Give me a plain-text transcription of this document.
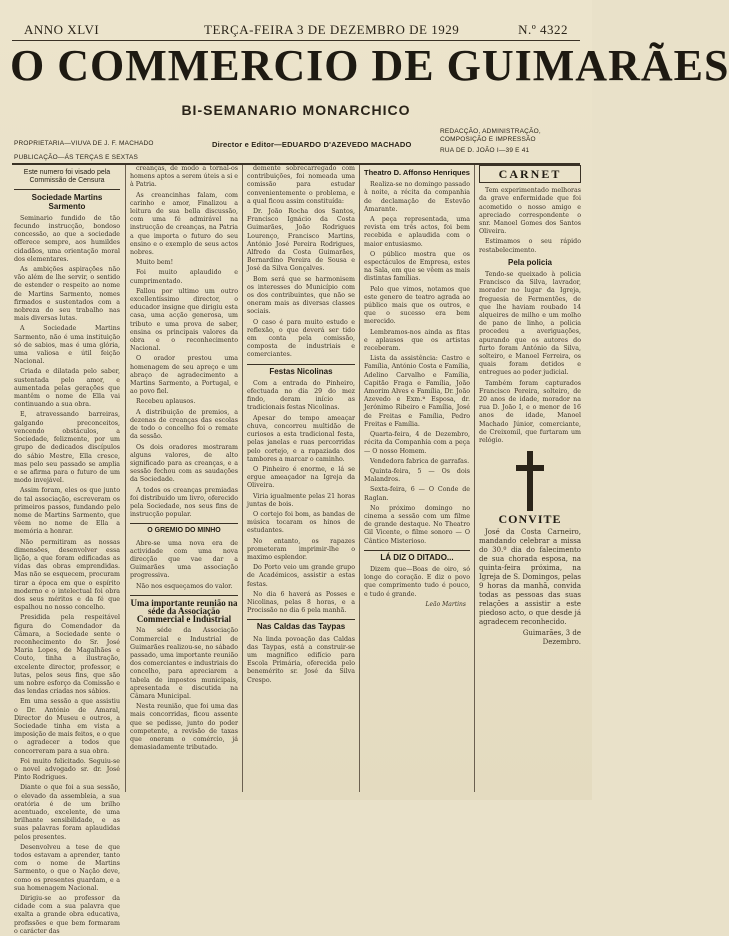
ANNO XLVI	TERÇA-FEIRA 3 DE DEZEMBRO DE 1929	N.º 4322
O COMMERCIO DE GUIMARÃES
BI-SEMANARIO MONARCHICO
PROPRIETARIA—VIUVA DE J. F. MACHADO
PUBLICAÇÃO—ÁS TERÇAS E SEXTAS
Director e Editor—EDUARDO D'AZEVEDO MACHADO
REDACÇÃO, ADMINISTRAÇÃO, COMPOSIÇÃO E IMPRESSÃO
RUA DE D. JOÃO I—39 E 41
Este numero foi visado pela Commissão de Censura
Sociedade Martins Sarmento

Seminario fundido de tão fecundo instrucção, bondoso concessão, ao que a sociedade offerece sempre, aos humildes cidadãos, uma orientação moral dos elementares.

As ambições aspirações não vão além de lhe servir, o sentido de estender o respeito ao nome de Martins Sarmento, nomes firmados e sustentados com a nobreza do seu trabalho nas mais diversas lutas.

A Sociedade Martins Sarmento, não é uma instituição só de sabios, mas é uma glória, uma valiosa e útil feição Nacional.

Criada e dilatada pelo saber, sustentada pelo amor, e aumentada pelas gerações que mantêm o nome de Ella vai continuando a sua obra.

E, atravessando barreiras, galgando preconceitos, vencendo obstáculos, a Sociedade, felizmente, por um grupo de dedicados discípulos do sábio Mestre, Ella cresce, mas pelo seu passado se amplia e se afirma para o futuro de um modo invejável.

Assim foram, eles os que junto de tal associação, escreveram os primeiros passos, fundando pelo nome de Martins Sarmento, que vêem no nome de Ella a memória a honrar.

Não permitiram as nossas dimensões, desenvolver essa lição, a que foram edificadas as vidas das obras emprendidas. Mas não se esquecem, procuram tirar a época em que o espírito moderno e o intelectual foi obra dos seus méritos e da fé que espalhou no nosso concelho.

Presidida pela respeitável figura do Comendador da Câmara, a Sociedade sente o reconhecimento do Sr. José Maria Lopes, de Magalhães e Couto, tinha a ilustração, excelente director, professor, e lutas, pelos seus fins, que são um nobre esforço da Comissão e das lendas criadas nos sábios.

Em uma sessão a que assistiu o Dr. António de Amaral, Director do Museu e outros, a Sociedade tinha em vista a imposição de mais feitos, e o que o agradecer a todos que concorreram para a sua obra.

Foi muito felicitado. Seguiu-se o novel advogado sr. dr. José Pinto Rodrigues.

Diante o que foi a sua sessão, o elevado da assembleia, a sua oratória é de um brilho acentuado, excelente, de uma brilhante sensibilidade, e as suas palavras foram aplaudidas pelos presentes.

Desenvolveu a tese de que todos estavam a aprender, tanto com o nome de Martins Sarmento, o que o Nação deve, como os presentes guardam, e a sua homenagem Nacional.

Dirigiu-se ao professor da cidade com a sua palavra que exalta a grande obra educativa, profissões e que bem formaram o carácter das

creanças, de modo a tornal-os homens aptos a serem úteis a si e à Patria.

As creancinhas falam, com carinho e amor, Finalizou a leitura de sua bella discussão, com uma fé admirável na instrucção de creanças, na Patria a que importa o futuro do seu ensino e o exemplo de seus actos nobres.

Muito bem!

Foi muito aplaudido e cumprimentado.

Fallou por ultimo um outro excellentíssimo director, o educador insigne que dirigiu esta casa, uma acção generosa, um tributo e uma prova de saber, ensina os principais valores da obra e o reconhecimento Nacional.

O orador prestou uma homenagem de seu apreço e um abraço de agradecimento a Martins Sarmento, a Portugal, e ao povo fiel.

Recebeu aplausos.

A distribuição de premios, a dezenas de creanças das escolas de todo o concelho foi o remate da sessão.

Os dois oradores mostraram alguns valores, de alto significado para as creanças, e a sessão fechou com as saudações da Sociedade.

A todos os creanças premiadas foi distribuido um livro, oferecido pela Sociedade, nos seus fins de instrucção popular.

O GREMIO DO MINHO

Abre-se uma nova era de actividade com uma nova direcção que vae dar a Guimarães uma associação progressiva.

Não nos esqueçamos do valor.

Uma importante reunião na séde da Associação Commercial e Industrial

Na séde da Associação Commercial e Industrial de Guimarães realizou-se, no sábado passado, uma importante reunião dos comerciantes e industriais do concelho, para apreciarem a tabela de impostos municipais, apresentada e discutida na Câmara Municipal.

Nesta reunião, que foi uma das mais concorridas, ficou assente que se pedisse, junto do poder competente, a revisão de taxas que oneram o comércio, já demasiadamente tributado.

demente sobrecarregado com contribuições, foi nomeada uma comissão para estudar convenientemente o problema, e a qual ficou assim constituída:

Dr. João Rocha dos Santos, Francisco Ignácio da Costa Guimarães, João Rodrigues Lourenço, Francisco Martins, António José Pereira Rodrigues, Alfredo da Costa Guimarães, Bernardino Pereira de Sousa e José da Silva Gonçalves.

Bom será que se harmonisem os interesses do Município com os dos contribuintes, que não se oneram mais as diversas classes sociais.

O caso é para muito estudo e reflexão, o que deverá ser tido em conta pela comissão, composta de industriais e comerciantes.

Festas Nicolinas

Com a entrada do Pinheiro, efectuada no dia 29 do mez findo, deram início as tradicionais festas Nicolinas.

Apesar do tempo ameaçar chuva, concorreu multidão de curiosos a esta tradicional festa, pelas janelas e ruas percorridas pelo cortejo, e a rapaziada dos tambores a marcar o caminho.

O Pinheiro é enorme, e lá se ergue ameaçador na Igreja da Oliveira.

Viria igualmente pelas 21 horas juntas de bois.

O cortejo foi bom, as bandas de música tocaram os hinos de estudantes.

No entanto, os rapazes prometeram imprimir-lhe o maximo esplendor.

Do Porto veio um grande grupo de Académicos, assistir a estas festas.

No dia 6 haverá as Posses e Nicolinas, pelas 8 horas, e a Procissão no dia 6 pela manhã.

Nas Caldas das Taypas

Na linda povoação das Caldas das Taypas, está a construir-se um magnífico edifício para Escola Primária, oferecida pelo benemérito sr. José da Silva Crespo.

Theatro D. Affonso Henriques

Realiza-se no domingo passado à noite, a récita da companhia de declamação de Estevão Amarante.

A peça representada, uma revista em três actos, foi bem recebida e aplaudida com o maior entusiasmo.

O público mostra que os espectáculos de Empresa, estes na Sala, em que se vêem as mais distintas famílias.

Pelo que vimos, notamos que este genero de teatro agrada ao público mais que os outros, e que o sucesso era bem merecido.

Lembramos-nos ainda as fitas e aplausos que os artistas receberam.

Lista da assistência: Castro e Família, António Costa e Família, Adelino Carvalho e Família, Capitão Fraga e Família, João Amorim Alves e Família, Dr. João Azevedo e Exm.ª Esposa, dr. Jerónimo Ribeiro e Família, José de Freitas e Família, Pedro Freitas e Família.

Quarta-feira, 4 de Dezembro, récita da Companhia com a peça — O nosso Homem.

Vendedora fabrica de garrafas.

Quinta-feira, 5 — Os dois Malandros.

Sexta-feira, 6 — O Conde de Raglan.

No próximo domingo no cinema a sessão com um filme de grande destaque. No Theatro Gil Vicente, o filme sonoro — O Cântico Misterioso.

LÁ DIZ O DITADO...

Dizem que—Boas de oiro, só longe do coração. E diz o povo que comprimento tudo é pouco, e tudo é grande.

Leão Martins
CARNET

Tem experimentado melhoras da grave enfermidade que foi acometido o nosso amigo e apreciado correspondente o snr. Manoel Gomes dos Santos Oliveira.

Estimamos o seu rápido restabelecimento.

Pela policia

Tendo-se queixado à policia Francisco da Silva, lavrador, morador no lugar da Igreja, freguesia de Fermentões, de que lhe haviam roubado 14 alqueires de milho e um molho de pano de linho, a policia procedeu a averiguações, apurando que os autores do furto foram António da Silva, solteiro, e Manoel Ferreira, os quais foram detidos e entregues ao poder judicial.

Também foram capturados Francisco Pereira, solteiro, de 20 anos de idade, morador na rua D. João I, e o menor de 16 anos de idade, Manoel Machado Júnior, comerciante, de Creixomil, que furtaram um relógio.

CONVITE

José da Costa Carneiro, mandando celebrar a missa do 30.º dia do falecimento de sua chorada esposa, na quinta-feira próxima, na Igreja de S. Domingos, pelas 9 horas da manhã, convida todas as pessoas das suas relações a assistir a este piedoso acto, o que desde já agradecem reconhecido.

Guimarães, 3 de Dezembro.
